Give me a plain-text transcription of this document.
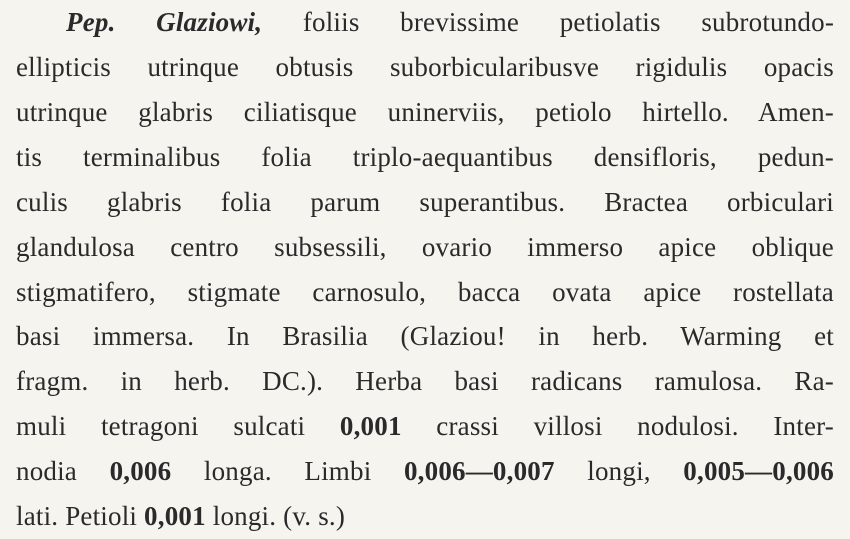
Pep. Glaziowi, foliis brevissime petiolatis subrotundo-
ellipticis utrinque obtusis suborbicularibusve rigidulis opacis
utrinque glabris ciliatisque uninerviis, petiolo hirtello. Amen-
tis terminalibus folia triplo-aequantibus densifloris, pedun-
culis glabris folia parum superantibus. Bractea orbiculari
glandulosa centro subsessili, ovario immerso apice oblique
stigmatifero, stigmate carnosulo, bacca ovata apice rostellata
basi immersa. In Brasilia (Glaziou! in herb. Warming et
fragm. in herb. DC.). Herba basi radicans ramulosa. Ra-
muli tetragoni sulcati 0,001 crassi villosi nodulosi. Inter-
nodia 0,006 longa. Limbi 0,006—0,007 longi, 0,005—0,006
lati. Petioli 0,001 longi. (v. s.)
